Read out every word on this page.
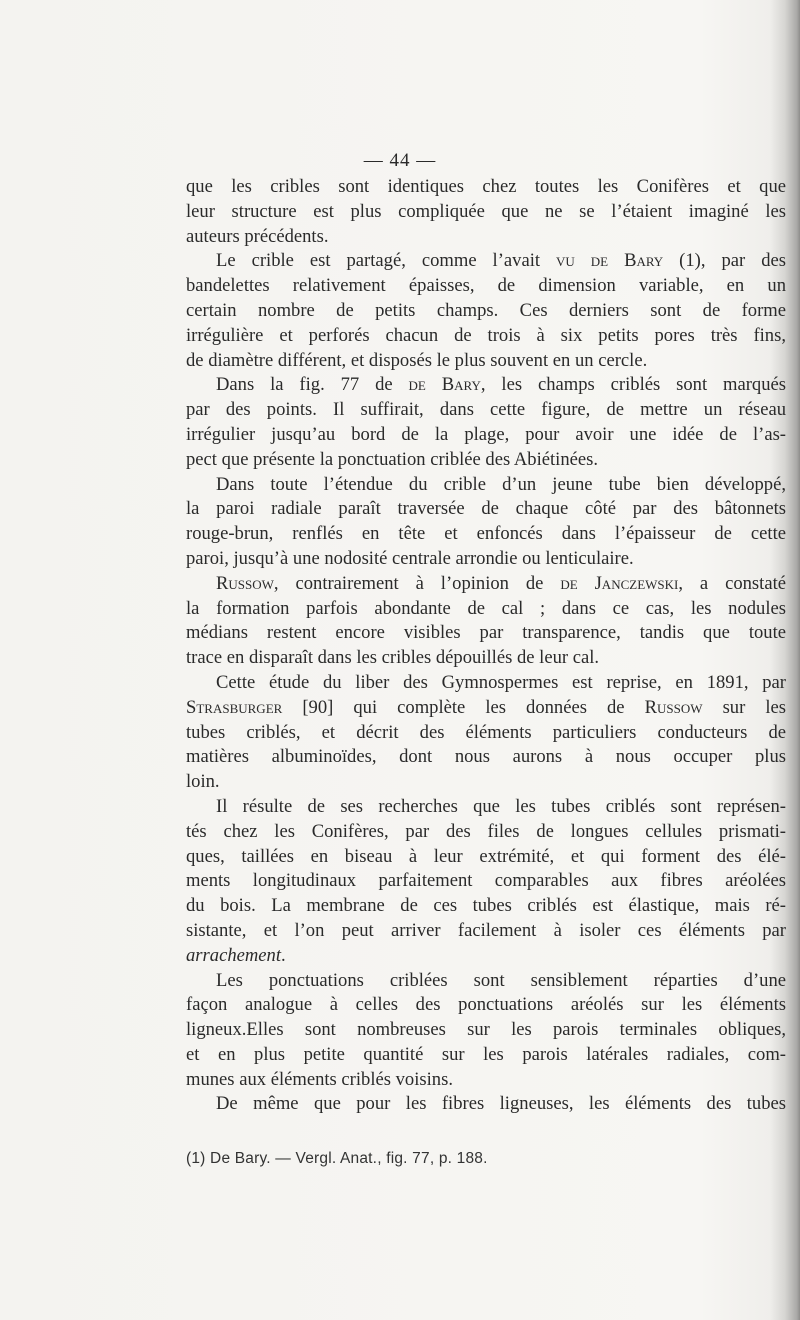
— 44 —
que les cribles sont identiques chez toutes les Conifères et que
leur structure est plus compliquée que ne se l’étaient imaginé les
auteurs précédents.
Le crible est partagé, comme l’avait vu de Bary (1), par des
bandelettes relativement épaisses, de dimension variable, en un
certain nombre de petits champs. Ces derniers sont de forme
irrégulière et perforés chacun de trois à six petits pores très fins,
de diamètre différent, et disposés le plus souvent en un cercle.
Dans la fig. 77 de de Bary, les champs criblés sont marqués
par des points. Il suffirait, dans cette figure, de mettre un réseau
irrégulier jusqu’au bord de la plage, pour avoir une idée de l’as-
pect que présente la ponctuation criblée des Abiétinées.
Dans toute l’étendue du crible d’un jeune tube bien développé,
la paroi radiale paraît traversée de chaque côté par des bâtonnets
rouge-brun, renflés en tête et enfoncés dans l’épaisseur de cette
paroi, jusqu’à une nodosité centrale arrondie ou lenticulaire.
Russow, contrairement à l’opinion de de Janczewski, a constaté
la formation parfois abondante de cal ; dans ce cas, les nodules
médians restent encore visibles par transparence, tandis que toute
trace en disparaît dans les cribles dépouillés de leur cal.
Cette étude du liber des Gymnospermes est reprise, en 1891, par
Strasburger [90] qui complète les données de Russow sur les
tubes criblés, et décrit des éléments particuliers conducteurs de
matières albuminoïdes, dont nous aurons à nous occuper plus
loin.
Il résulte de ses recherches que les tubes criblés sont représen-
tés chez les Conifères, par des files de longues cellules prismati-
ques, taillées en biseau à leur extrémité, et qui forment des élé-
ments longitudinaux parfaitement comparables aux fibres aréolées
du bois. La membrane de ces tubes criblés est élastique, mais ré-
sistante, et l’on peut arriver facilement à isoler ces éléments par
arrachement.
Les ponctuations criblées sont sensiblement réparties d’une
façon analogue à celles des ponctuations aréolés sur les éléments
ligneux.Elles sont nombreuses sur les parois terminales obliques,
et en plus petite quantité sur les parois latérales radiales, com-
munes aux éléments criblés voisins.
De même que pour les fibres ligneuses, les éléments des tubes
(1) De Bary. — Vergl. Anat., fig. 77, p. 188.
